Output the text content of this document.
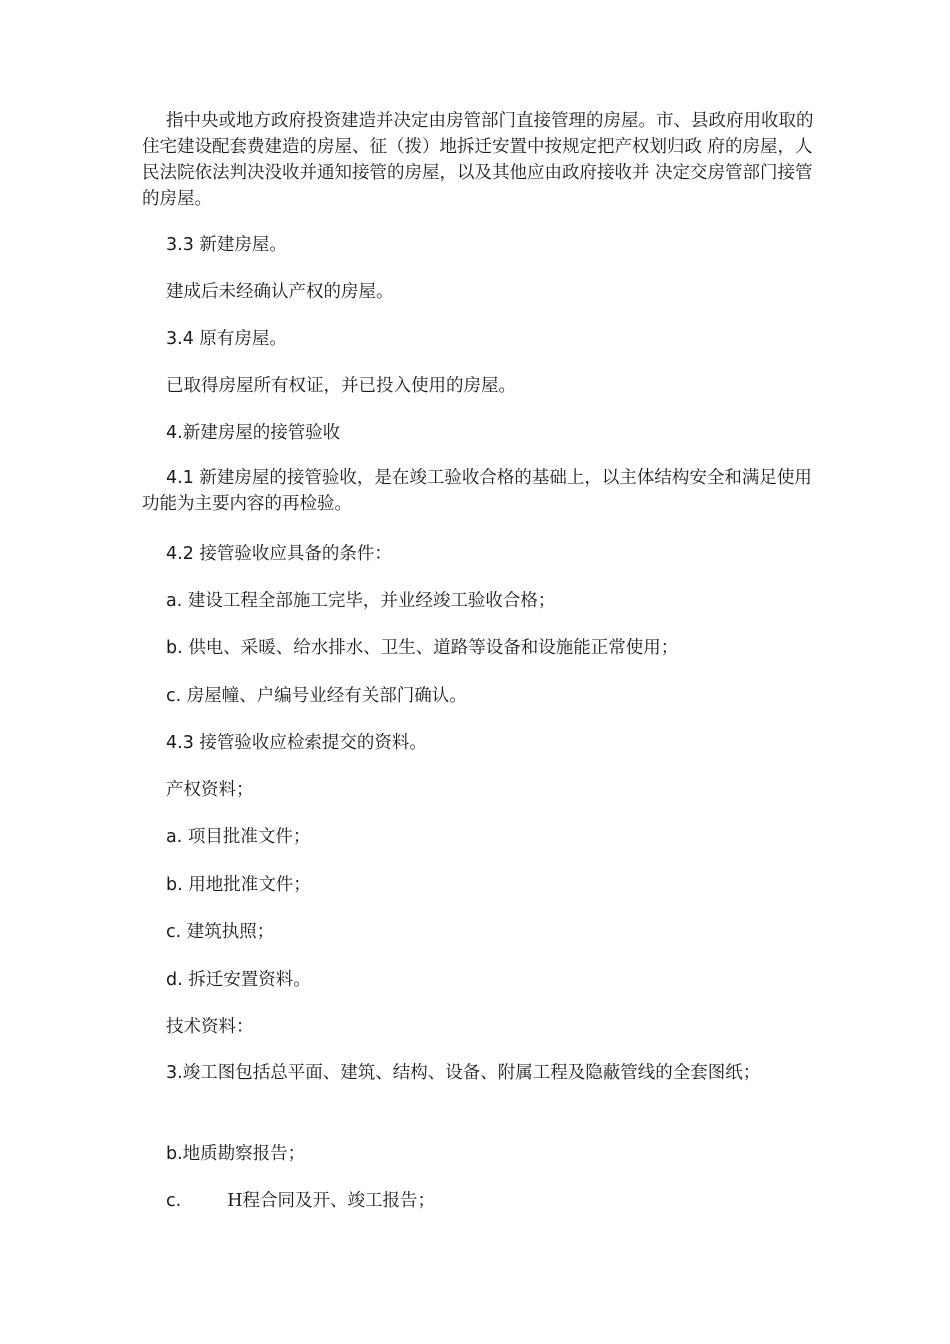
指中央或地方政府投资建造并决定由房管部门直接管理的房屋。市、县政府用收取的住宅建设配套费建造的房屋、征（拨）地拆迁安置中按规定把产权划归政 府的房屋，人民法院依法判决没收并通知接管的房屋，以及其他应由政府接收并 决定交房管部门接管的房屋。

3.3 新建房屋。

建成后未经确认产权的房屋。

3.4 原有房屋。

已取得房屋所有权证，并已投入使用的房屋。

4.新建房屋的接管验收

4.1 新建房屋的接管验收，是在竣工验收合格的基础上，以主体结构安全和满足使用功能为主要内容的再检验。

4.2 接管验收应具备的条件：

a. 建设工程全部施工完毕，并业经竣工验收合格；

b. 供电、采暖、给水排水、卫生、道路等设备和设施能正常使用；

c. 房屋幢、户编号业经有关部门确认。

4.3 接管验收应检索提交的资料。

产权资料；

a. 项目批准文件；

b. 用地批准文件；

c. 建筑执照；

d. 拆迁安置资料。

技术资料：

3.竣工图包括总平面、建筑、结构、设备、附属工程及隐蔽管线的全套图纸；

b.地质勘察报告；

c.	H程合同及开、竣工报告；
